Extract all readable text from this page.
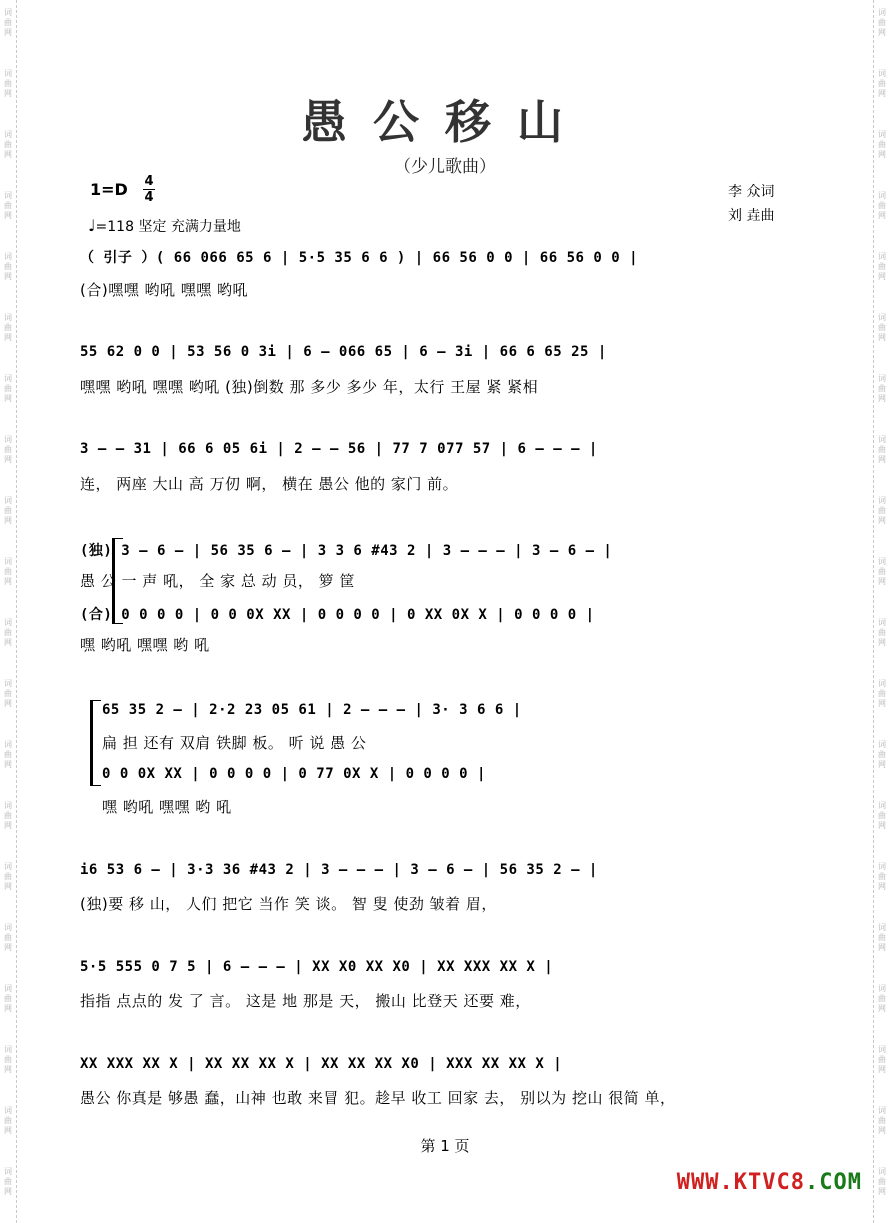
词曲网
词曲网
词曲网
词曲网
词曲网
词曲网
词曲网
词曲网
词曲网
词曲网
词曲网
词曲网
词曲网
词曲网
词曲网
词曲网
词曲网
词曲网
词曲网
词曲网
词曲网
词曲网
词曲网
词曲网
词曲网
词曲网
词曲网
词曲网
词曲网
词曲网
词曲网
词曲网
词曲网
词曲网
词曲网
词曲网
词曲网
词曲网
词曲网
词曲网
愚公移山
（少儿歌曲）
1=D 4
4
♩=118 坚定 充满力量地
李 众词
刘 垚曲
（ 引子 ）( 66 066 65 6 | 5·5 35 6 6 ) | 66 56 0 0 | 66 56 0 0 |
(合)嘿嘿 哟吼 嘿嘿 哟吼
55 62 0 0 | 53 56 0 3i | 6 – 066 65 | 6 – 3i | 66 6 65 25 |
嘿嘿 哟吼 嘿嘿 哟吼 (独)倒数 那 多少 多少 年，太行 王屋 紧 紧相
3 – – 31 | 66 6 05 6i | 2 – – 56 | 77 7 077 57 | 6 – – – |
连， 两座 大山 高 万仞 啊， 横在 愚公 他的 家门 前。
(独) 3 – 6 – | 56 35 6 – | 3 3 6 #43 2 | 3 – – – | 3 – 6 – |
愚 公 一 声 吼， 全 家 总 动 员， 箩 筐
(合) 0 0 0 0 | 0 0 0X XX | 0 0 0 0 | 0 XX 0X X | 0 0 0 0 |
嘿 哟吼 嘿嘿 哟 吼
65 35 2 – | 2·2 23 05 61 | 2 – – – | 3· 3 6 6 |
扁 担 还有 双肩 铁脚 板。 听 说 愚 公
0 0 0X XX | 0 0 0 0 | 0 77 0X X | 0 0 0 0 |
嘿 哟吼 嘿嘿 哟 吼
i6 53 6 – | 3·3 36 #43 2 | 3 – – – | 3 – 6 – | 56 35 2 – |
(独)要 移 山， 人们 把它 当作 笑 谈。 智 叟 使劲 皱着 眉，
5·5 555 0 7 5 | 6 – – – | XX X0 XX X0 | XX XXX XX X |
指指 点点的 发 了 言。 这是 地 那是 天， 搬山 比登天 还要 难，
XX XXX XX X | XX XX XX X | XX XX XX X0 | XXX XX XX X |
愚公 你真是 够愚 蠢，山神 也敢 来冒 犯。趁早 收工 回家 去， 别以为 挖山 很简 单，
第 1 页
WWW.KTVC8.COM
